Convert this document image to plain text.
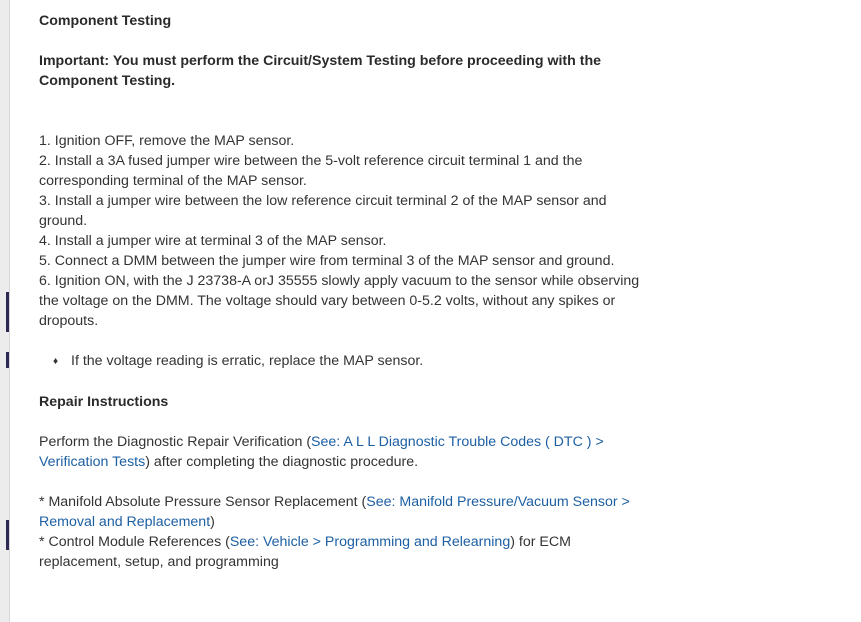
Component Testing

Important: You must perform the Circuit/System Testing before proceeding with the Component Testing.

1. Ignition OFF, remove the MAP sensor.

2. Install a 3A fused jumper wire between the 5-volt reference circuit terminal 1 and the corresponding terminal of the MAP sensor.

3. Install a jumper wire between the low reference circuit terminal 2 of the MAP sensor and ground.

4. Install a jumper wire at terminal 3 of the MAP sensor.

5. Connect a DMM between the jumper wire from terminal 3 of the MAP sensor and ground.

6. Ignition ON, with the J 23738-A orJ 35555 slowly apply vacuum to the sensor while observing the voltage on the DMM. The voltage should vary between 0-5.2 volts, without any spikes or dropouts.

♦ If the voltage reading is erratic, replace the MAP sensor.

Repair Instructions

Perform the Diagnostic Repair Verification (See: A L L Diagnostic Trouble Codes ( DTC ) > Verification Tests) after completing the diagnostic procedure.

* Manifold Absolute Pressure Sensor Replacement (See: Manifold Pressure/Vacuum Sensor > Removal and Replacement)

* Control Module References (See: Vehicle > Programming and Relearning) for ECM replacement, setup, and programming
